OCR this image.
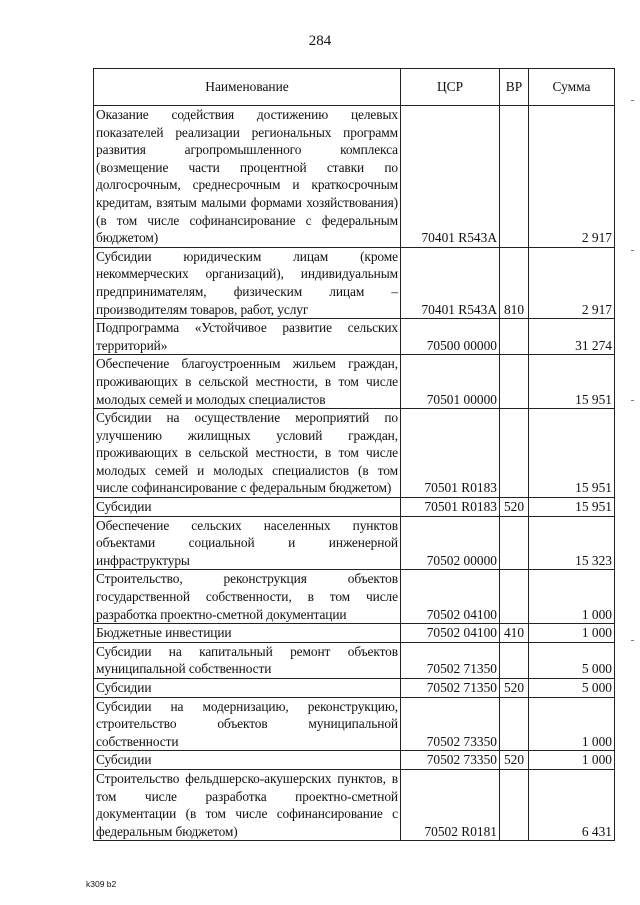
284
Наименование	ЦСР	ВР	Сумма
Оказание содействия достижению целевых показателей реализации региональных программ развития агропромышленного комплекса (возмещение части процентной ставки по долгосрочным, среднесрочным и краткосрочным кредитам, взятым малыми формами хозяйствования) (в том числе софинансирование с федеральным бюджетом)	70401 R543A		2 917
Субсидии юридическим лицам (кроме некоммерческих организаций), индивидуальным предпринимателям, физическим лицам – производителям товаров, работ, услуг	70401 R543A	810	2 917
Подпрограмма «Устойчивое развитие сельских территорий»	70500 00000		31 274
Обеспечение благоустроенным жильем граждан, проживающих в сельской местности, в том числе молодых семей и молодых специалистов	70501 00000		15 951
Субсидии на осуществление мероприятий по улучшению жилищных условий граждан, проживающих в сельской местности, в том числе молодых семей и молодых специалистов (в том числе софинансирование с федеральным бюджетом)	70501 R0183		15 951
Субсидии	70501 R0183	520	15 951
Обеспечение сельских населенных пунктов объектами социальной и инженерной инфраструктуры	70502 00000		15 323
Строительство, реконструкция объектов государственной собственности, в том числе разработка проектно-сметной документации	70502 04100		1 000
Бюджетные инвестиции	70502 04100	410	1 000
Субсидии на капитальный ремонт объектов муниципальной собственности	70502 71350		5 000
Субсидии	70502 71350	520	5 000
Субсидии на модернизацию, реконструкцию, строительство объектов муниципальной собственности	70502 73350		1 000
Субсидии	70502 73350	520	1 000
Строительство фельдшерско-акушерских пунктов, в том числе разработка проектно-сметной документации (в том числе софинансирование с федеральным бюджетом)	70502 R0181		6 431
k309 b2
